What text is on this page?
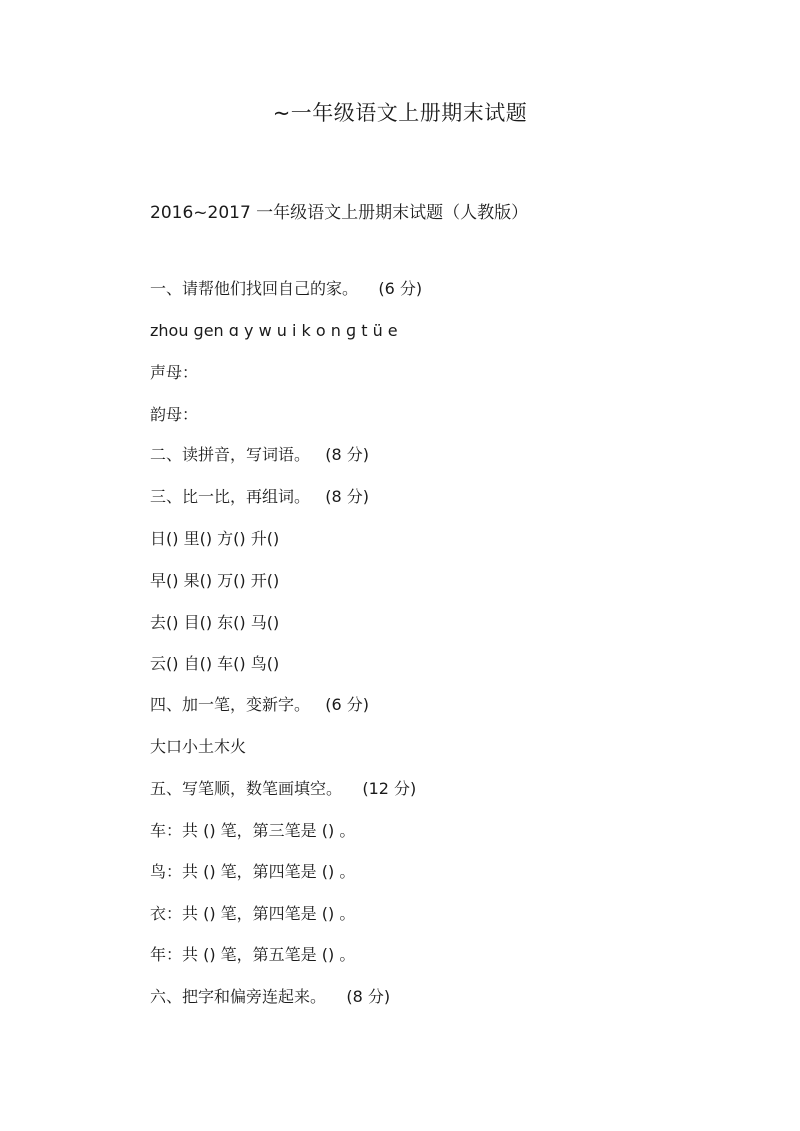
~一年级语文上册期末试题
2016~2017 一年级语文上册期末试题（人教版）
一、请帮他们找回自己的家。    (6 分)
zhou ɡen ɑ y w u i k o n ɡ t ü e
声母：
韵母：
二、读拼音，写词语。   (8 分)
三、比一比，再组词。   (8 分)
日() 里() 方() 升()
早() 果() 万() 开()
去() 目() 东() 马()
云() 自() 车() 鸟()
四、加一笔，变新字。   (6 分)
大口小土木火
五、写笔顺，数笔画填空。    (12 分)
车：共 () 笔，第三笔是 () 。
鸟：共 () 笔，第四笔是 () 。
衣：共 () 笔，第四笔是 () 。
年：共 () 笔，第五笔是 () 。
六、把字和偏旁连起来。    (8 分)
